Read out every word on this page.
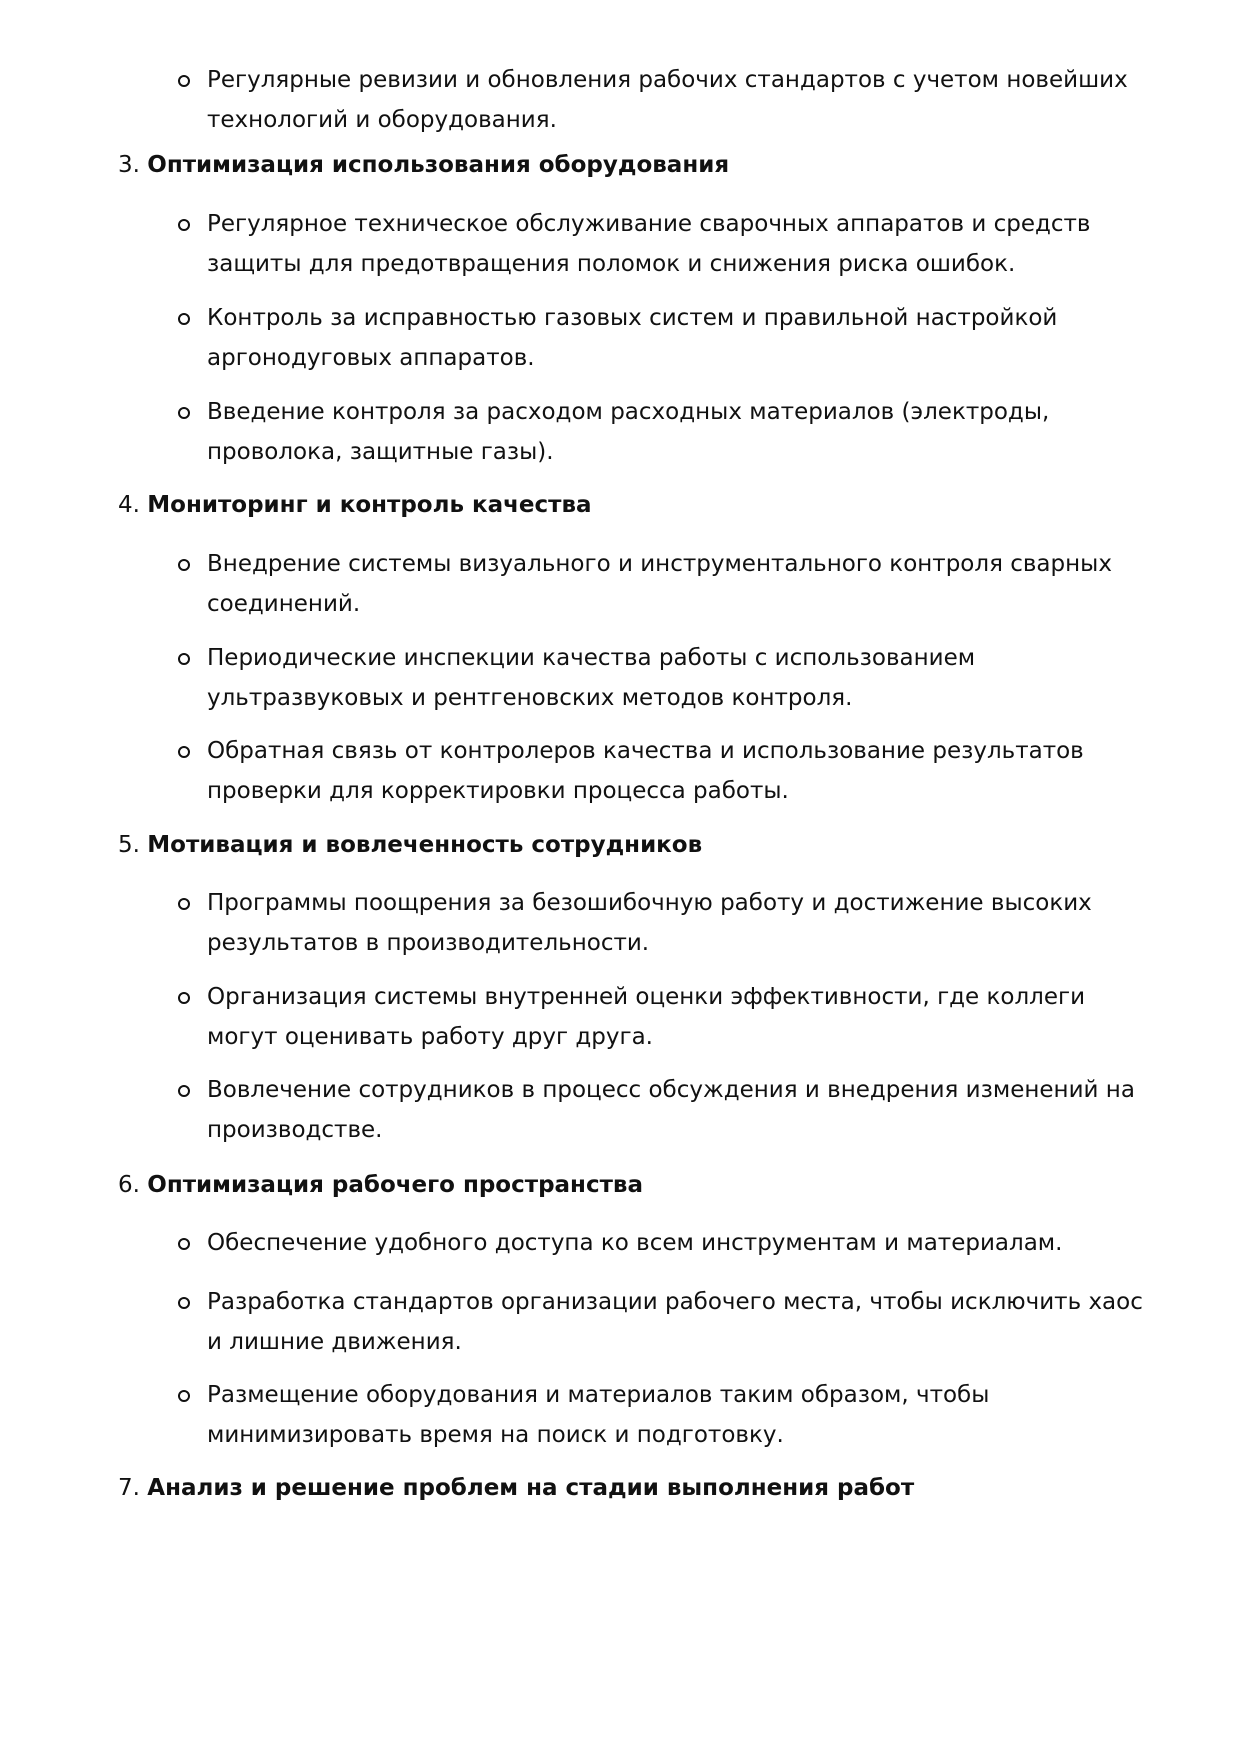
Регулярные ревизии и обновления рабочих стандартов с учетом новейших технологий и оборудования.
3. Оптимизация использования оборудования
Регулярное техническое обслуживание сварочных аппаратов и средств защиты для предотвращения поломок и снижения риска ошибок.
Контроль за исправностью газовых систем и правильной настройкой аргонодуговых аппаратов.
Введение контроля за расходом расходных материалов (электроды, проволока, защитные газы).
4. Мониторинг и контроль качества
Внедрение системы визуального и инструментального контроля сварных соединений.
Периодические инспекции качества работы с использованием ультразвуковых и рентгеновских методов контроля.
Обратная связь от контролеров качества и использование результатов проверки для корректировки процесса работы.
5. Мотивация и вовлеченность сотрудников
Программы поощрения за безошибочную работу и достижение высоких результатов в производительности.
Организация системы внутренней оценки эффективности, где коллеги могут оценивать работу друг друга.
Вовлечение сотрудников в процесс обсуждения и внедрения изменений на производстве.
6. Оптимизация рабочего пространства
Обеспечение удобного доступа ко всем инструментам и материалам.
Разработка стандартов организации рабочего места, чтобы исключить хаос и лишние движения.
Размещение оборудования и материалов таким образом, чтобы минимизировать время на поиск и подготовку.
7. Анализ и решение проблем на стадии выполнения работ
